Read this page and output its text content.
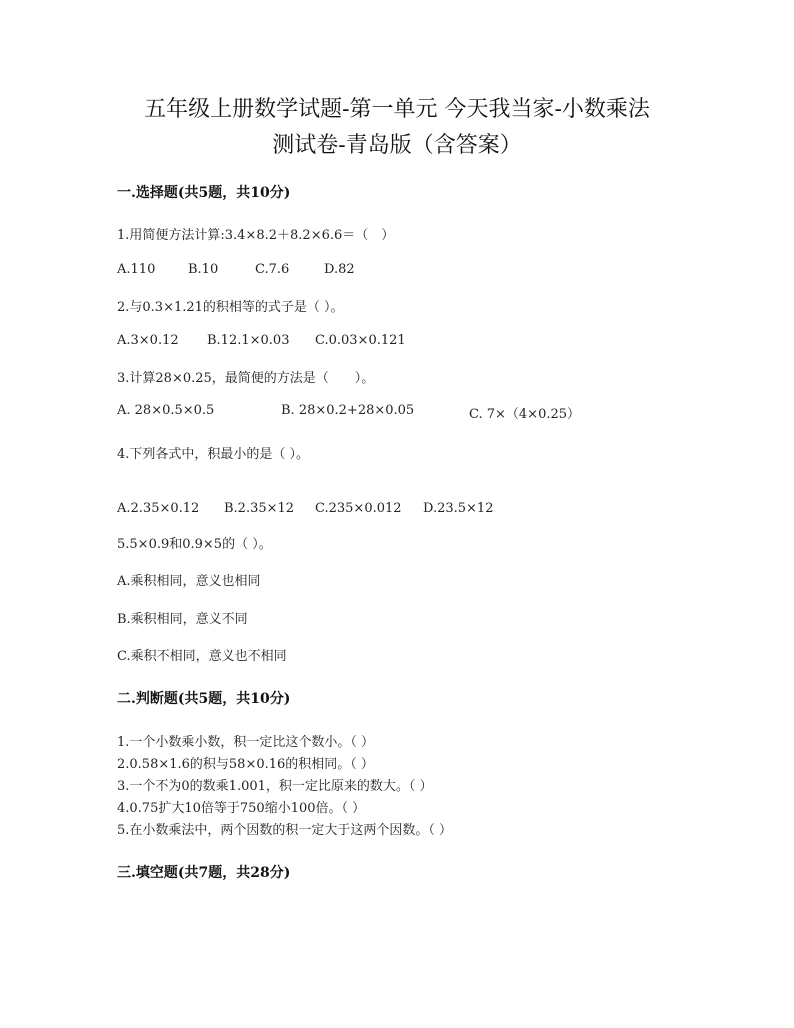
五年级上册数学试题-第一单元 今天我当家-小数乘法
测试卷-青岛版（含答案）
一.选择题(共5题，共10分)
1.用简便方法计算:3.4×8.2＋8.2×6.6＝（　）
A.110	B.10	C.7.6	D.82
2.与0.3×1.21的积相等的式子是（ ）。
A.3×0.12	B.12.1×0.03	C.0.03×0.121
3.计算28×0.25，最简便的方法是（　　）。
A. 28×0.5×0.5	B. 28×0.2+28×0.05	C. 7×（4×0.25）
4.下列各式中，积最小的是（ ）。
A.2.35×0.12	B.2.35×12	C.235×0.012	D.23.5×12
5.5×0.9和0.9×5的（ ）。
A.乘积相同，意义也相同
B.乘积相同，意义不同
C.乘积不相同，意义也不相同
二.判断题(共5题，共10分)
1.一个小数乘小数，积一定比这个数小。（ ）
2.0.58×1.6的积与58×0.16的积相同。（ ）
3.一个不为0的数乘1.001，积一定比原来的数大。（ ）
4.0.75扩大10倍等于750缩小100倍。（ ）
5.在小数乘法中，两个因数的积一定大于这两个因数。（ ）
三.填空题(共7题，共28分)
